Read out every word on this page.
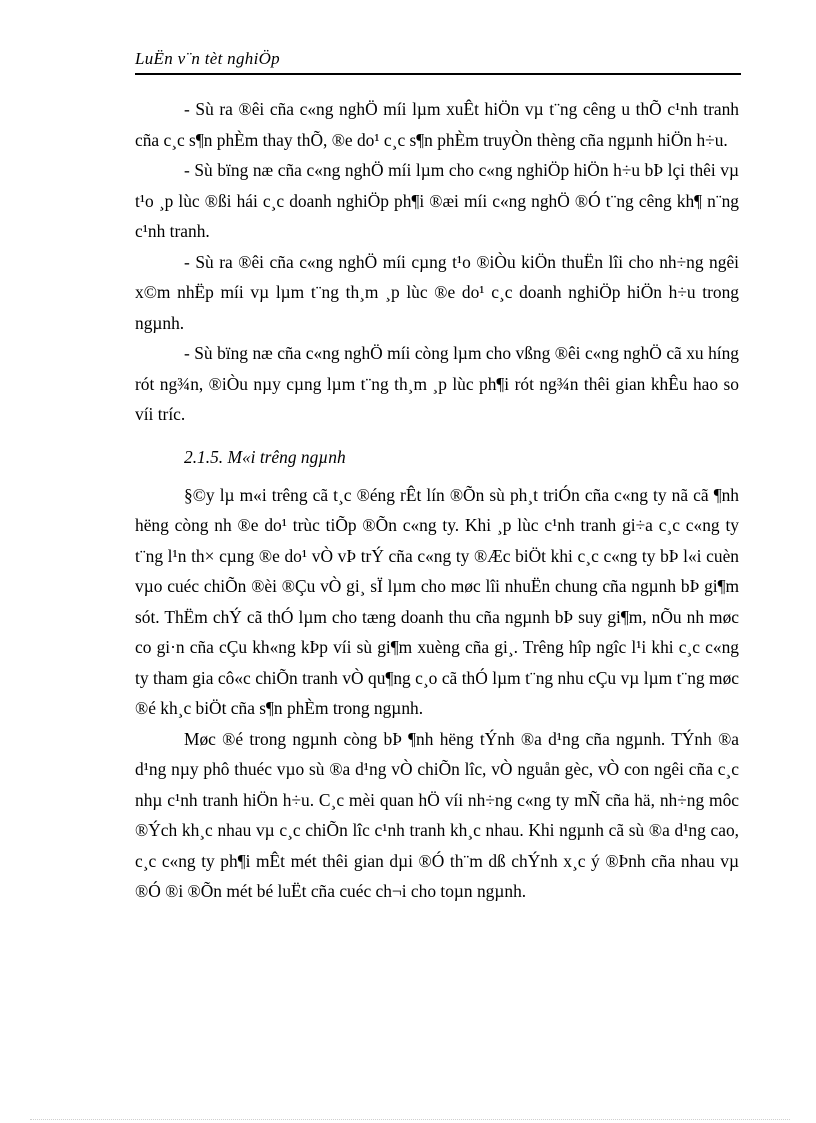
LuËn v¨n tèt nghiÖp

- Sù ra ®êi cña c«ng nghÖ míi lµm xuÊt hiÖn vµ t¨ng cêng u thÕ c¹nh tranh cña c¸c s¶n phÈm thay thÕ, ®e do¹ c¸c s¶n phÈm truyÒn thèng cña ngµnh hiÖn h÷u.

- Sù bïng næ cña c«ng nghÖ míi lµm cho c«ng nghiÖp hiÖn h÷u bÞ lçi thêi vµ t¹o ¸p lùc ®ßi hái c¸c doanh nghiÖp ph¶i ®æi míi c«ng nghÖ ®Ó t¨ng cêng kh¶ n¨ng c¹nh tranh.

- Sù ra ®êi cña c«ng nghÖ míi cµng t¹o ®iÒu kiÖn thuËn lîi cho nh÷ng ngêi x©m nhËp míi vµ lµm t¨ng th¸m ¸p lùc ®e do¹ c¸c doanh nghiÖp hiÖn h÷u trong ngµnh.

- Sù bïng næ cña c«ng nghÖ míi còng lµm cho vßng ®êi c«ng nghÖ cã xu híng rót ng¾n, ®iÒu nµy cµng lµm t¨ng th¸m ¸p lùc ph¶i rót ng¾n thêi gian khÊu hao so víi tríc.

2.1.5. M«i trêng ngµnh

§©y lµ m«i trêng cã t¸c ®éng rÊt lín ®Õn sù ph¸t triÓn cña c«ng ty nã cã ¶nh hëng còng nh ®e do¹ trùc tiÕp ®Õn c«ng ty. Khi ¸p lùc c¹nh tranh gi÷a c¸c c«ng ty t¨ng l¹n th× cµng ®e do¹ vÒ vÞ trÝ cña c«ng ty ®Æc biÖt khi c¸c c«ng ty bÞ l«i cuèn vµo cuéc chiÕn ®èi ®Çu vÒ gi¸ sÏ lµm cho møc lîi nhuËn chung cña ngµnh bÞ gi¶m sót. ThËm chÝ cã thÓ lµm cho tæng doanh thu cña ngµnh bÞ suy gi¶m, nÕu nh møc co gi·n cña cÇu kh«ng kÞp víi sù gi¶m xuèng cña gi¸. Trêng hîp ngîc l¹i khi c¸c c«ng ty tham gia cô«c chiÕn tranh vÒ qu¶ng c¸o cã thÓ lµm t¨ng nhu cÇu vµ lµm t¨ng møc ®é kh¸c biÖt cña s¶n phÈm trong ngµnh.

Møc ®é trong ngµnh còng bÞ ¶nh hëng tÝnh ®a d¹ng cña ngµnh. TÝnh ®a d¹ng nµy phô thuéc vµo sù ®a d¹ng vÒ chiÕn lîc, vÒ nguån gèc, vÒ con ngêi cña c¸c nhµ c¹nh tranh hiÖn h÷u. C¸c mèi quan hÖ víi nh÷ng c«ng ty mÑ cña hä, nh÷ng môc ®Ých kh¸c nhau vµ c¸c chiÕn lîc c¹nh tranh kh¸c nhau. Khi ngµnh cã sù ®a d¹ng cao, c¸c c«ng ty ph¶i mÊt mét thêi gian dµi ®Ó th¨m dß chÝnh x¸c ý ®Þnh cña nhau vµ ®Ó ®i ®Õn mét bé luËt cña cuéc ch¬i cho toµn ngµnh.
